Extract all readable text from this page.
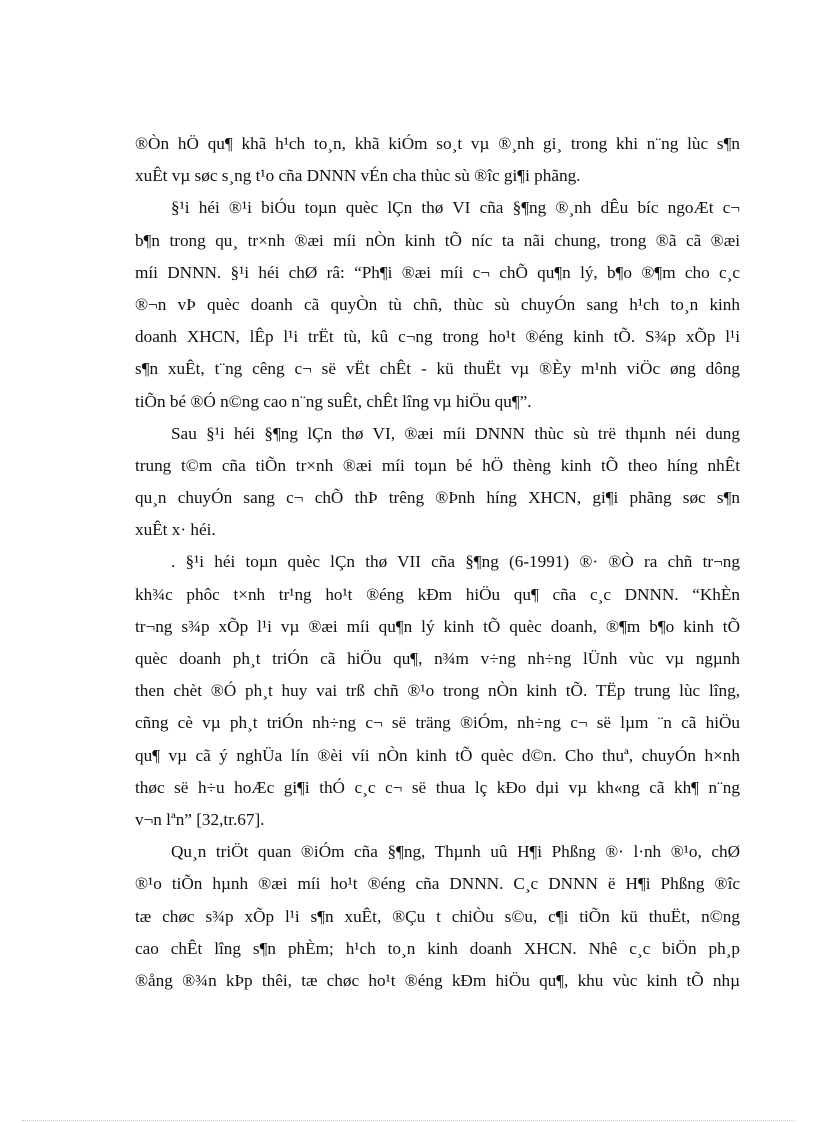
®Òn hÖ qu¶ khã h¹ch to¸n, khã kiÓm so¸t vµ ®¸nh gi¸ trong khi n¨ng lùc s¶n
xuÊt vµ søc s¸ng t¹o cña DNNN vÉn cha thùc sù ®îc gi¶i phãng.
§¹i héi ®¹i biÓu toµn quèc lÇn thø VI cña §¶ng ®¸nh dÊu bíc ngoÆt c¬
b¶n trong qu¸ tr×nh ®æi míi nÒn kinh tÕ níc ta nãi chung, trong ®ã cã ®æi
míi DNNN. §¹i héi chØ râ: “Ph¶i ®æi míi c¬ chÕ qu¶n lý, b¶o ®¶m cho c¸c
®¬n vÞ quèc doanh cã quyÒn tù chñ, thùc sù chuyÓn sang h¹ch to¸n kinh
doanh XHCN, lÊp l¹i trËt tù, kû c¬ng trong ho¹t ®éng kinh tÕ. S¾p xÕp l¹i
s¶n xuÊt, t¨ng cêng c¬ së vËt chÊt - kü thuËt vµ ®Èy m¹nh viÖc øng dông
tiÕn bé ®Ó n©ng cao n¨ng suÊt, chÊt lîng vµ hiÖu qu¶”.
Sau §¹i héi §¶ng lÇn thø VI, ®æi míi DNNN thùc sù trë thµnh néi dung
trung t©m cña tiÕn tr×nh ®æi míi toµn bé hÖ thèng kinh tÕ theo híng nhÊt
qu¸n chuyÓn sang c¬ chÕ thÞ trêng ®Þnh híng XHCN, gi¶i phãng søc s¶n
xuÊt x· héi.
. §¹i héi toµn quèc lÇn thø VII cña §¶ng (6-1991) ®· ®Ò ra chñ tr¬ng
kh¾c phôc t×nh tr¹ng ho¹t ®éng kÐm hiÖu qu¶ cña c¸c DNNN. “KhÈn
tr¬ng s¾p xÕp l¹i vµ ®æi míi qu¶n lý kinh tÕ quèc doanh, ®¶m b¶o kinh tÕ
quèc doanh ph¸t triÓn cã hiÖu qu¶, n¾m v÷ng nh÷ng lÜnh vùc vµ ngµnh
then chèt ®Ó ph¸t huy vai trß chñ ®¹o trong nÒn kinh tÕ. TËp trung lùc lîng,
cñng cè vµ ph¸t triÓn nh÷ng c¬ së träng ®iÓm, nh÷ng c¬ së lµm ¨n cã hiÖu
qu¶ vµ cã ý nghÜa lín ®èi víi nÒn kinh tÕ quèc d©n. Cho thuª, chuyÓn h×nh
thøc së h÷u hoÆc gi¶i thÓ c¸c c¬ së thua lç kÐo dµi vµ kh«ng cã kh¶ n¨ng
v¬n lªn” [32,tr.67].
Qu¸n triÖt quan ®iÓm cña §¶ng, Thµnh uû H¶i Phßng ®· l·nh ®¹o, chØ
®¹o tiÕn hµnh ®æi míi ho¹t ®éng cña DNNN. C¸c DNNN ë H¶i Phßng ®îc
tæ chøc s¾p xÕp l¹i s¶n xuÊt, ®Çu t chiÒu s©u, c¶i tiÕn kü thuËt, n©ng
cao chÊt lîng s¶n phÈm; h¹ch to¸n kinh doanh XHCN. Nhê c¸c biÖn ph¸p
®ång ®¾n kÞp thêi, tæ chøc ho¹t ®éng kÐm hiÖu qu¶, khu vùc kinh tÕ nhµ
